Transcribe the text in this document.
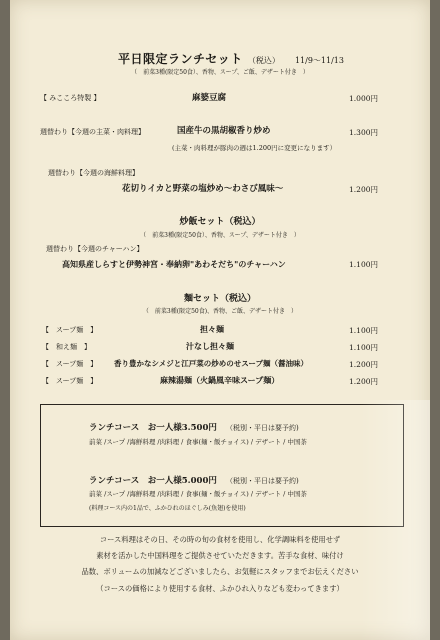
平日限定ランチセット （税込） 11/9～11/13
（　前菜3種(限定50食）、香物、スープ、ご飯、デザート付き　）
【 みこころ特製 】	麻婆豆腐	1.000円
週替わり【今週の主菜・肉料理】	国産牛の黒胡椒香り炒め	1.300円
(主菜・肉料理が豚肉の週は1.200円に変更になります）
週替わり【今週の海鮮料理】
花切りイカと野菜の塩炒め～わさび風味～	1.200円
炒飯セット（税込）
（　前菜3種(限定50食）、香物、スープ、デザート付き　）
週替わり【今週のチャーハン】
高知県産しらすと伊勢神宮・奉納卵"あわそだち"のチャーハン	1.100円
麺セット（税込）
（　前菜3種(限定50食)、香物、ご飯、デザート付き　）
【　スープ麺　】	担々麺	1.100円
【　和え麺　】	汁なし担々麺	1.100円
【　スープ麺　】 香り豊かなシメジと江戸菜の炒めのせスープ麺（醤油味）	1.200円
【　スープ麺　】	麻辣湯麺（火鍋風辛味スープ麺）	1.200円
ランチコース　お一人様3.500円 （税別・平日は要予約)
前菜 /スープ /海鮮料理 /肉料理 / 食事(麺・飯チョイス) / デザート / 中国茶
ランチコース　お一人様5.000円 （税別・平日は要予約)
前菜 /スープ /海鮮料理 /肉料理 / 食事(麺・飯チョイス) / デザート / 中国茶
(料理コース内の1品で、ふかひれのほぐしみ(魚翅)を使用)
コース料理はその日、その時の旬の食材を使用し、化学調味料を使用せず
素材を活かした中国料理をご提供させていただきます。苦手な食材、味付け
品数、ボリュームの加減などございましたら、お気軽にスタッフまでお伝えください
（コースの価格により使用する食材、ふかひれ入りなども変わってきます）
